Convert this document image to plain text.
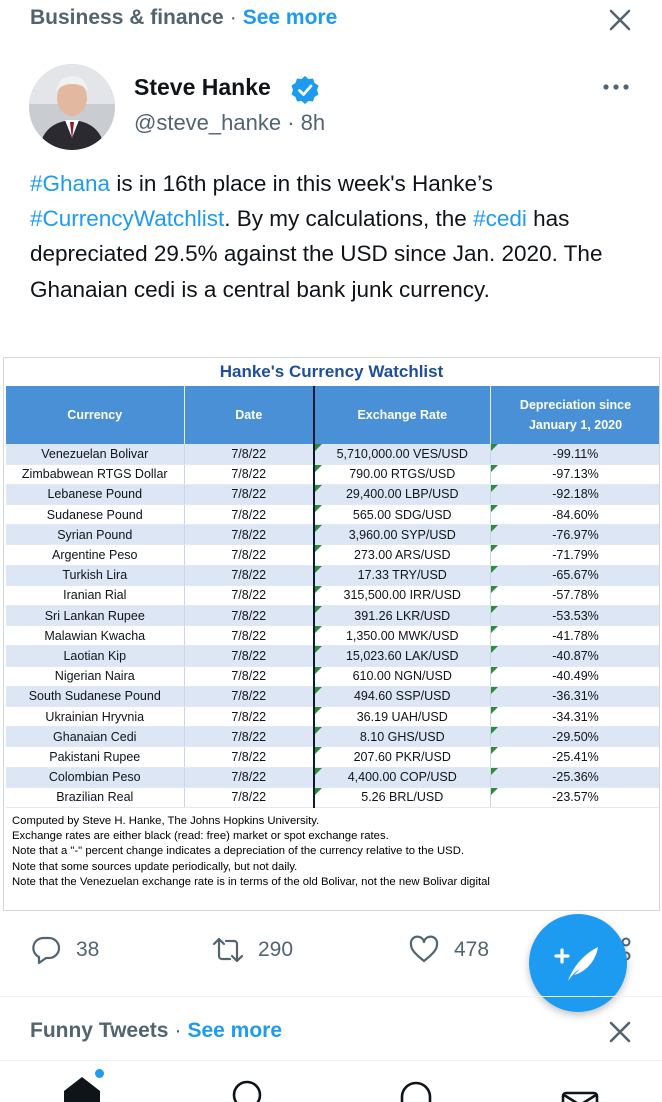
Business & finance · See more
Steve Hanke
@steve_hanke · 8h
#Ghana is in 16th place in this week's Hanke’s #CurrencyWatchlist. By my calculations, the #cedi has depreciated 29.5% against the USD since Jan. 2020. The Ghanaian cedi is a central bank junk currency.
Hanke's Currency Watchlist
Currency	Date	Exchange Rate	Depreciation since
January 1, 2020
Venezuelan Bolivar	7/8/22	5,710,000.00 VES/USD	-99.11%

Zimbabwean RTGS Dollar	7/8/22	790.00 RTGS/USD	-97.13%

Lebanese Pound	7/8/22	29,400.00 LBP/USD	-92.18%

Sudanese Pound	7/8/22	565.00 SDG/USD	-84.60%

Syrian Pound	7/8/22	3,960.00 SYP/USD	-76.97%

Argentine Peso	7/8/22	273.00 ARS/USD	-71.79%

Turkish Lira	7/8/22	17.33 TRY/USD	-65.67%

Iranian Rial	7/8/22	315,500.00 IRR/USD	-57.78%

Sri Lankan Rupee	7/8/22	391.26 LKR/USD	-53.53%

Malawian Kwacha	7/8/22	1,350.00 MWK/USD	-41.78%

Laotian Kip	7/8/22	15,023.60 LAK/USD	-40.87%

Nigerian Naira	7/8/22	610.00 NGN/USD	-40.49%

South Sudanese Pound	7/8/22	494.60 SSP/USD	-36.31%

Ukrainian Hryvnia	7/8/22	36.19 UAH/USD	-34.31%

Ghanaian Cedi	7/8/22	8.10 GHS/USD	-29.50%

Pakistani Rupee	7/8/22	207.60 PKR/USD	-25.41%

Colombian Peso	7/8/22	4,400.00 COP/USD	-25.36%

Brazilian Real	7/8/22	5.26 BRL/USD	-23.57%
Computed by Steve H. Hanke, The Johns Hopkins University.
Exchange rates are either black (read: free) market or spot exchange rates.
Note that a "-" percent change indicates a depreciation of the currency relative to the USD.
Note that some sources update periodically, but not daily.
Note that the Venezuelan exchange rate is in terms of the old Bolivar, not the new Bolivar digital
38	290	478
Funny Tweets · See more
